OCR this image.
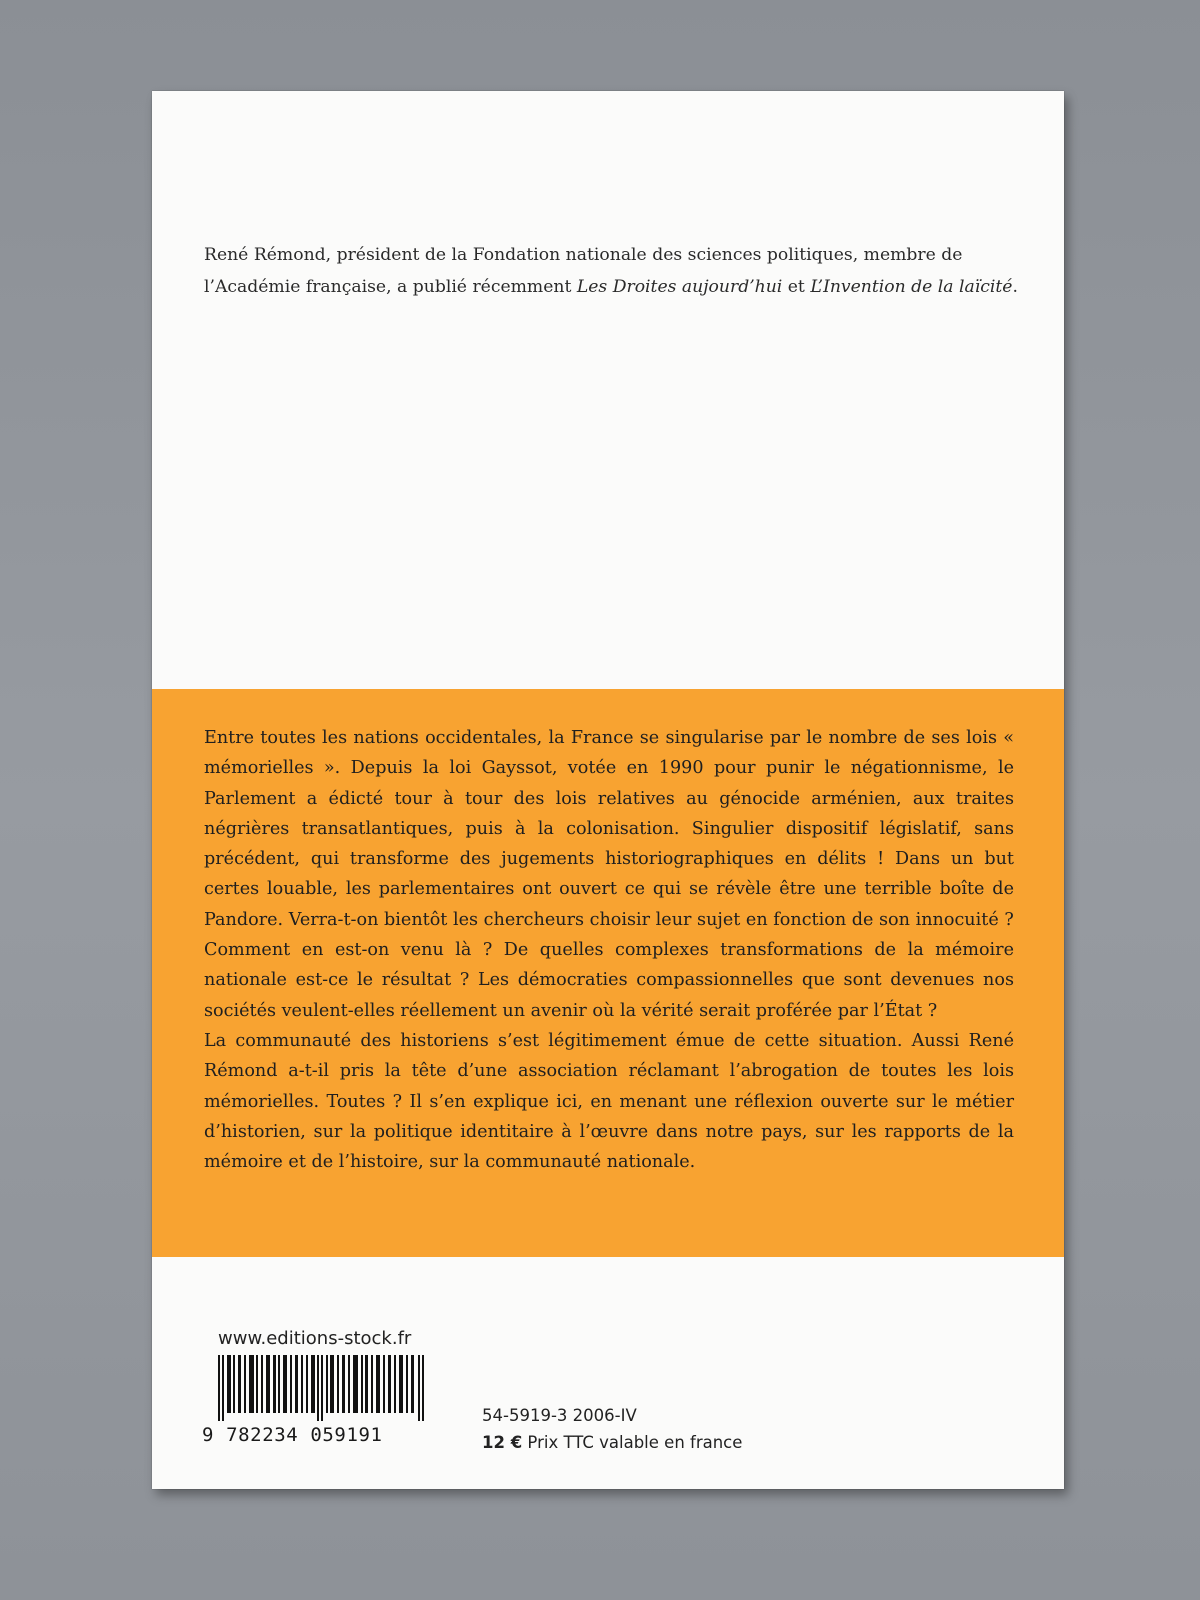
René Rémond, président de la Fondation nationale des sciences politiques, membre de l’Académie française, a publié récemment Les Droites aujourd’hui et L’Invention de la laïcité.

Entre toutes les nations occidentales, la France se singularise par le nombre de ses lois « mémorielles ». Depuis la loi Gayssot, votée en 1990 pour punir le négationnisme, le Parlement a édicté tour à tour des lois relatives au génocide arménien, aux traites négrières transatlantiques, puis à la colonisation. Singulier dispositif législatif, sans précédent, qui transforme des jugements historiographiques en délits ! Dans un but certes louable, les parlementaires ont ouvert ce qui se révèle être une terrible boîte de Pandore. Verra-t-on bientôt les chercheurs choisir leur sujet en fonction de son innocuité ?

Comment en est-on venu là ? De quelles complexes transformations de la mémoire nationale est-ce le résultat ? Les démocraties compassionnelles que sont devenues nos sociétés veulent-elles réellement un avenir où la vérité serait proférée par l’État ?

La communauté des historiens s’est légitimement émue de cette situation. Aussi René Rémond a-t-il pris la tête d’une association réclamant l’abrogation de toutes les lois mémorielles. Toutes ? Il s’en explique ici, en menant une réflexion ouverte sur le métier d’historien, sur la politique identitaire à l’œuvre dans notre pays, sur les rapports de la mémoire et de l’histoire, sur la communauté nationale.

www.editions-stock.fr
9 782234 059191
54-5919-3 2006-IV
12 € Prix TTC valable en france
